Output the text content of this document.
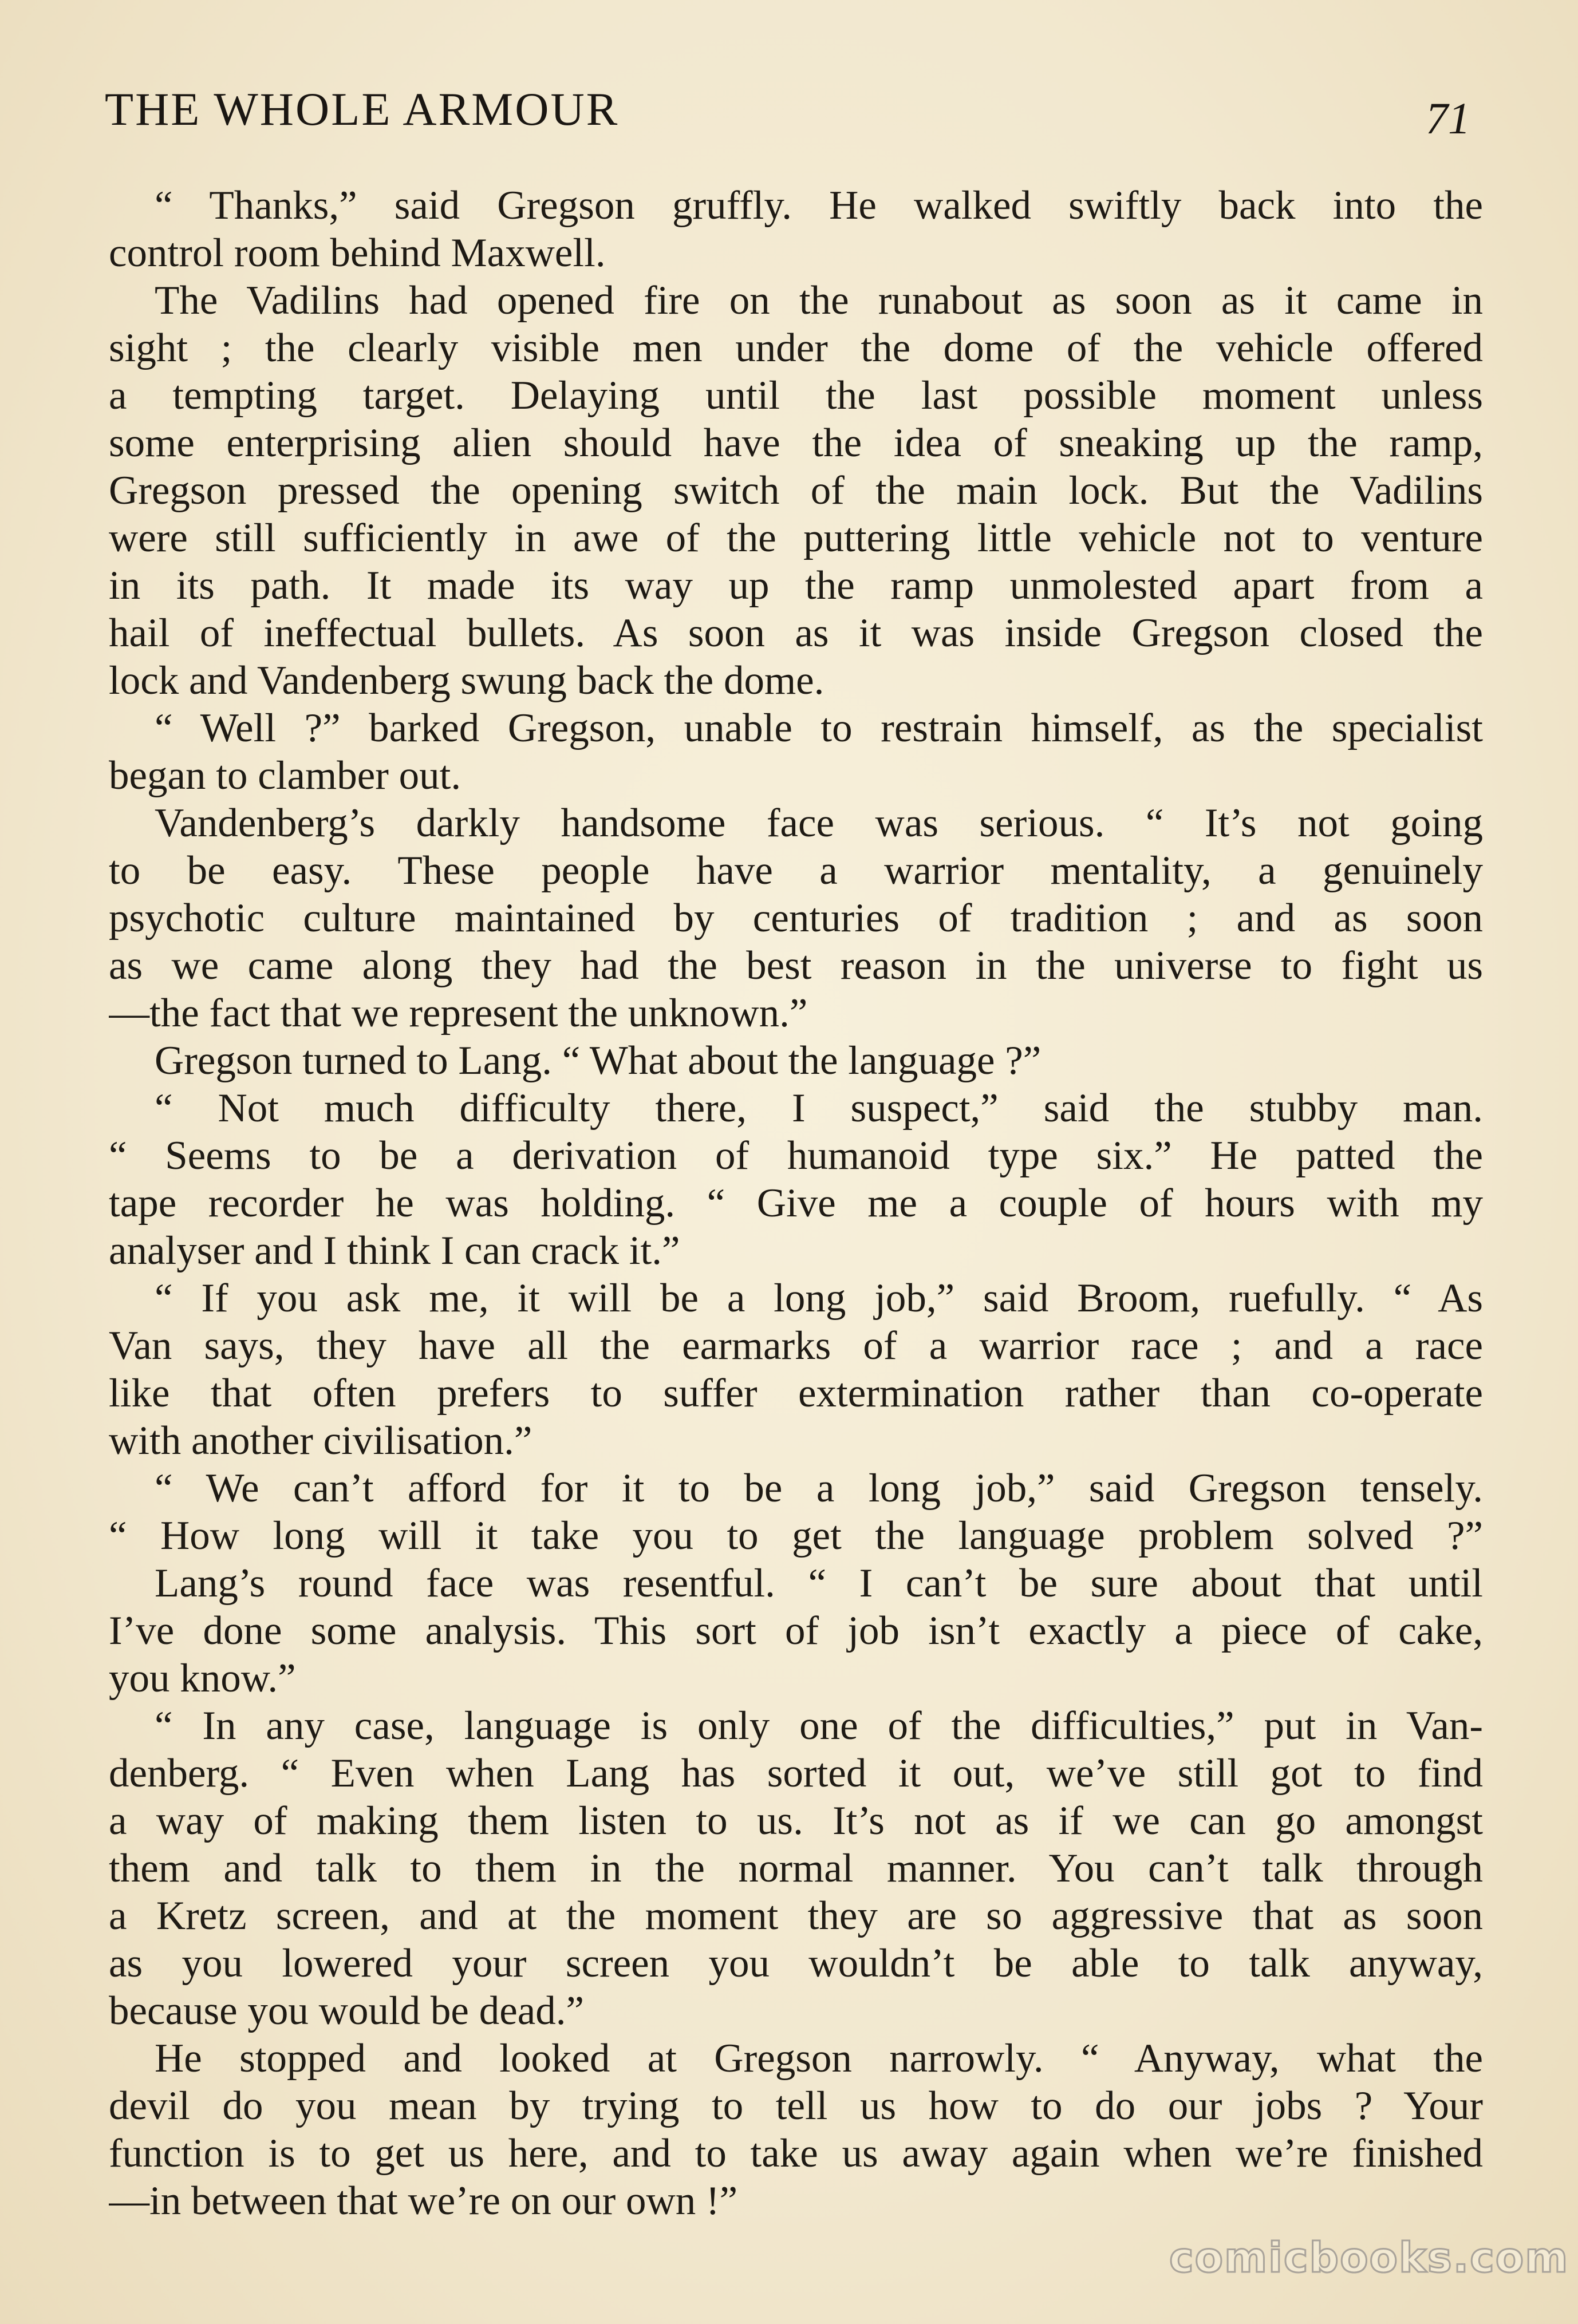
THE WHOLE ARMOUR	71
“ Thanks,” said Gregson gruffly. He walked swiftly back into the
control room behind Maxwell.
The Vadilins had opened fire on the runabout as soon as it came in
sight ; the clearly visible men under the dome of the vehicle offered
a tempting target. Delaying until the last possible moment unless
some enterprising alien should have the idea of sneaking up the ramp,
Gregson pressed the opening switch of the main lock. But the Vadilins
were still sufficiently in awe of the puttering little vehicle not to venture
in its path. It made its way up the ramp unmolested apart from a
hail of ineffectual bullets. As soon as it was inside Gregson closed the
lock and Vandenberg swung back the dome.
“ Well ?” barked Gregson, unable to restrain himself, as the specialist
began to clamber out.
Vandenberg’s darkly handsome face was serious. “ It’s not going
to be easy. These people have a warrior mentality, a genuinely
psychotic culture maintained by centuries of tradition ; and as soon
as we came along they had the best reason in the universe to fight us
—the fact that we represent the unknown.”
Gregson turned to Lang. “ What about the language ?”
“ Not much difficulty there, I suspect,” said the stubby man.
“ Seems to be a derivation of humanoid type six.” He patted the
tape recorder he was holding. “ Give me a couple of hours with my
analyser and I think I can crack it.”
“ If you ask me, it will be a long job,” said Broom, ruefully. “ As
Van says, they have all the earmarks of a warrior race ; and a race
like that often prefers to suffer extermination rather than co-operate
with another civilisation.”
“ We can’t afford for it to be a long job,” said Gregson tensely.
“ How long will it take you to get the language problem solved ?”
Lang’s round face was resentful. “ I can’t be sure about that until
I’ve done some analysis. This sort of job isn’t exactly a piece of cake,
you know.”
“ In any case, language is only one of the difficulties,” put in Van-
denberg. “ Even when Lang has sorted it out, we’ve still got to find
a way of making them listen to us. It’s not as if we can go amongst
them and talk to them in the normal manner. You can’t talk through
a Kretz screen, and at the moment they are so aggressive that as soon
as you lowered your screen you wouldn’t be able to talk anyway,
because you would be dead.”
He stopped and looked at Gregson narrowly. “ Anyway, what the
devil do you mean by trying to tell us how to do our jobs ? Your
function is to get us here, and to take us away again when we’re finished
—in between that we’re on our own !”
comicbooks.com
